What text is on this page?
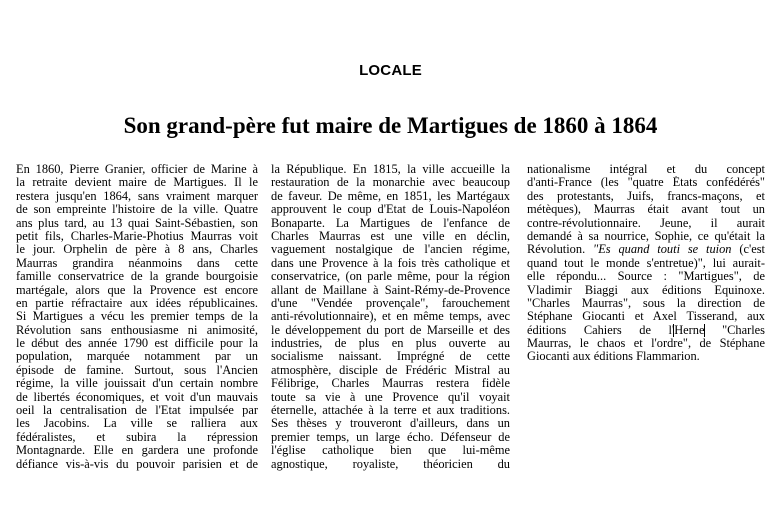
LOCALE
Son grand-père fut maire de Martigues de 1860 à 1864
En 1860, Pierre Granier, officier de Marine à
la retraite devient maire de Martigues. Il le
restera jusqu'en 1864, sans vraiment marquer
de son empreinte l'histoire de la ville. Quatre
ans plus tard, au 13 quai Saint-Sébastien, son
petit fils, Charles-Marie-Photius Maurras voit
le jour. Orphelin de père à 8 ans, Charles
Maurras grandira néanmoins dans cette
famille conservatrice de la grande bourgoisie
martégale, alors que la Provence est encore
en partie réfractaire aux idées républicaines.
Si Martigues a vécu les premier temps de la
Révolution sans enthousiasme ni animosité,
le début des année 1790 est difficile pour la
population, marquée notamment par un
épisode de famine. Surtout, sous l'Ancien
régime, la ville jouissait d'un certain nombre
de libertés économiques, et voit d'un mauvais
oeil la centralisation de l'Etat impulsée par
les Jacobins. La ville se ralliera aux
fédéralistes, et subira la répression
Montagnarde. Elle en gardera une profonde
défiance vis-à-vis du pouvoir parisien et de
la République. En 1815, la ville accueille la
restauration de la monarchie avec beaucoup
de faveur. De même, en 1851, les Martégaux
approuvent le coup d'Etat de Louis-Napoléon
Bonaparte. La Martigues de l'enfance de
Charles Maurras est une ville en déclin,
vaguement nostalgique de l'ancien régime,
dans une Provence à la fois très catholique et
conservatrice, (on parle même, pour la région
allant de Maillane à Saint-Rémy-de-Provence
d'une "Vendée provençale", farouchement
anti-révolutionnaire), et en même temps, avec
le développement du port de Marseille et des
industries, de plus en plus ouverte au
socialisme naissant. Imprégné de cette
atmosphère, disciple de Frédéric Mistral au
Félibrige, Charles Maurras restera fidèle
toute sa vie à une Provence qu'il voyait
éternelle, attachée à la terre et aux traditions.
Ses thèses y trouveront d'ailleurs, dans un
premier temps, un large écho. Défenseur de
l'église catholique bien que lui-même
agnostique, royaliste, théoricien du
nationalisme intégral et du concept
d'anti-France (les "quatre États confédérés"
des protestants, Juifs, francs-maçons, et
métèques), Maurras était avant tout un
contre-révolutionnaire. Jeune, il aurait
demandé à sa nourrice, Sophie, ce qu'était la
Révolution. "Es quand touti se tuion (c'est
quand tout le monde s'entretue)", lui aurait-
elle répondu... Source : "Martigues", de
Vladimir Biaggi aux éditions Equinoxe.
"Charles Maurras", sous la direction de
Stéphane Giocanti et Axel Tisserand, aux
éditions Cahiers de l'Herne "Charles
Maurras, le chaos et l'ordre", de Stéphane
Giocanti aux éditions Flammarion.
